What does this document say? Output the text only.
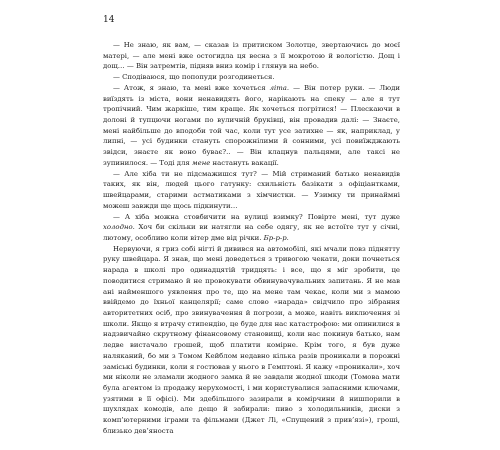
14

— Не знаю, як вам, — сказав із притиском Золотце, звертаючись до моєї матері, — але мені вже остогидла ця весна з її мокротою й вологістю. Дощ і дощ… — Він затремтів, підняв вниз комір і глянув на небо.

— Сподіваюся, що попопуди розгодинеться.

— Атож, я знаю, та мені вже хочеться літа. — Він потер руки. — Люди виїздять із міста, вони ненавидять його, нарікають на спеку — але я тут тропічний. Чим жаркіше, тим краще. Як хочеться погрітися! — Плескаючи в долоні й тупцючи ногами по вуличній бруківці, він провадив далі: — Знаєте, мені найбільше до вподоби той час, коли тут усе затихне — як, наприклад, у липні, — усі будинки стануть спорожнілими й сонними, усі повиїжджають звідси, знаєте як воно буває?.. — Він клацнув пальцями, але таксі не зупинилося. — Тоді для мене настануть вакації.

— Але хіба ти не підсмажишся тут? — Мій стриманий батько ненавидів таких, як він, людей цього гатунку: схильність базікати з офіціантками, швейцарами, старими астматиками з хімчистки. — Узимку ти принаймні можеш завжди ще щось підкинути…

— А хіба можна стовбичити на вулиці взимку? Повірте мені, тут дуже холодно. Хоч би скільки ви натягли на себе одягу, як не встоїте тут у січні, лютому, особливо коли вітер дме від річки. Бр-р-р.

Нервуючи, я гриз собі нігті й дивився на автомобілі, які мчали повз піднятту руку швейцара. Я знав, що мені доведеться з тривогою чекати, доки почнеться нарада в школі про одинадцятій тридцять: і все, що я міг зробити, це поводитися стримано й не провокувати обвинувачувальних запитань. Я не мав ані найменшого уявлення про те, що на мене там чекає, коли ми з мамою ввійдемо до їхньої канцелярії; саме слово «нарада» свідчило про зібрання авторитетних осіб, про звинувачення й погрози, а може, навіть виключення зі школи. Якщо я втрачу стипендію, це буде для нас катастрофою: ми опинилися в надзвичайно скрутному фінансовому становищі, коли нас покинув батько, нам ледве вистачало грошей, щоб платити комірне. Крім того, я був дуже наляканий, бо ми з Томом Кейблом недавно кілька разів проникали в порожні заміські будинки, коли я гостював у нього в Гемптоні. Я кажу «проникали», хоч ми ніколи не зламали жодного замка й не завдали жодної шкоди (Томова мати була агентом із продажу нерухомості, і ми користувалися запасними ключами, узятими в її офісі). Ми здебільшого зазирали в комірчини й нишпорили в шухлядах комодів, але дещо й забирали: пиво з холодильників, диски з комп’ютерними іграми та фільмами (Джет Лі, «Спущений з прив’язі»), гроші, близько дев’яноста
